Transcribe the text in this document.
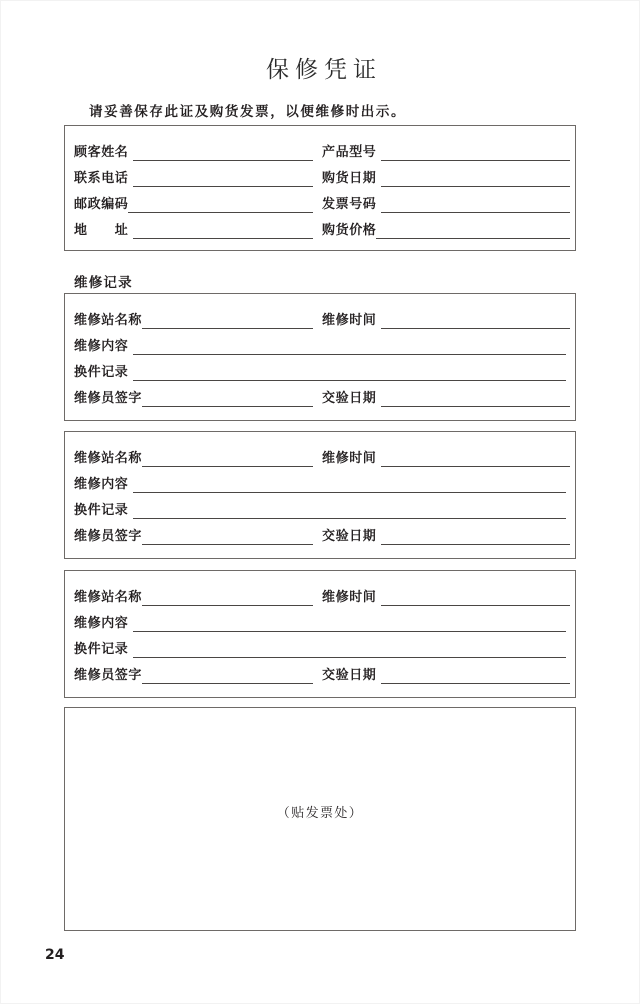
保修凭证
请妥善保存此证及购货发票，以便维修时出示。
顾客姓名	产品型号
联系电话	购货日期
邮政编码	发票号码
地　　址	购货价格
维修记录
维修站名称	维修时间
维修内容
换件记录
维修员签字	交验日期
维修站名称	维修时间
维修内容
换件记录
维修员签字	交验日期
维修站名称	维修时间
维修内容
换件记录
维修员签字	交验日期
（贴发票处）
24
